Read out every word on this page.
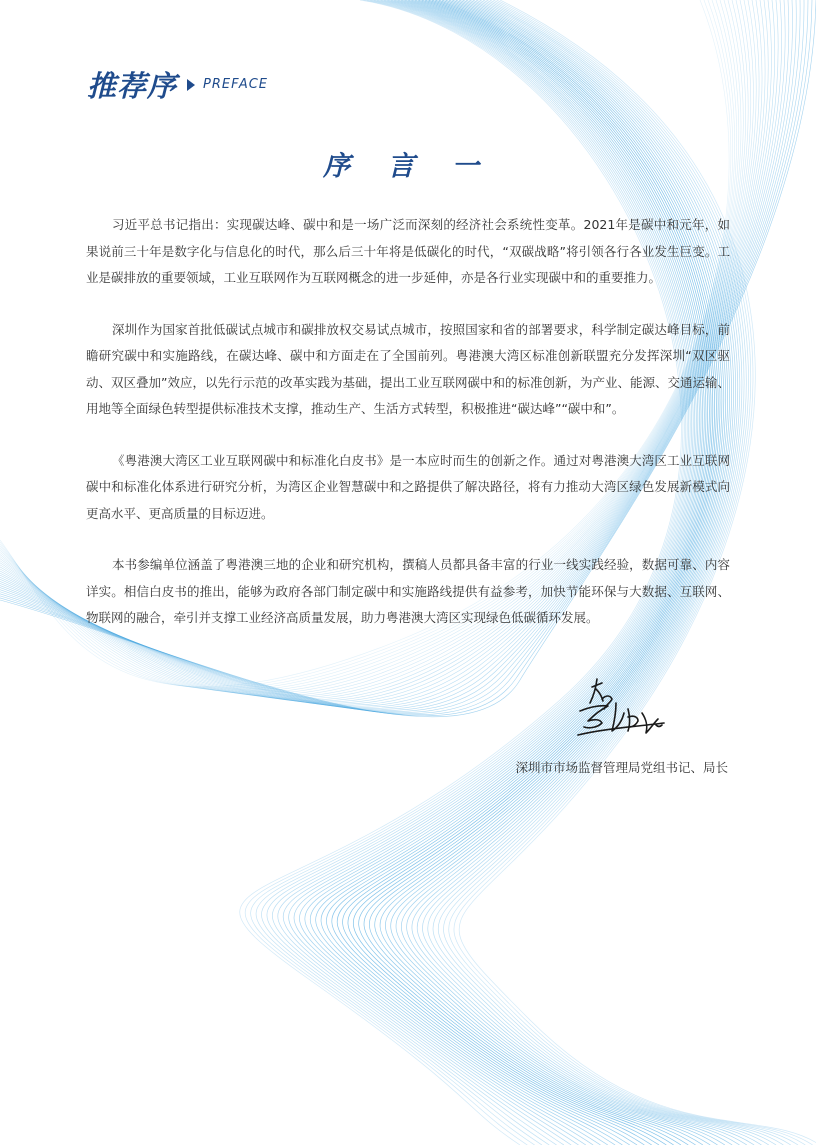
推荐序 PREFACE
序 言 一

习近平总书记指出：实现碳达峰、碳中和是一场广泛而深刻的经济社会系统性变革。2021年是碳中和元年，如果说前三十年是数字化与信息化的时代，那么后三十年将是低碳化的时代，“双碳战略”将引领各行各业发生巨变。工业是碳排放的重要领域，工业互联网作为互联网概念的进一步延伸，亦是各行业实现碳中和的重要推力。

深圳作为国家首批低碳试点城市和碳排放权交易试点城市，按照国家和省的部署要求，科学制定碳达峰目标，前瞻研究碳中和实施路线，在碳达峰、碳中和方面走在了全国前列。粤港澳大湾区标准创新联盟充分发挥深圳“双区驱动、双区叠加”效应，以先行示范的改革实践为基础，提出工业互联网碳中和的标准创新，为产业、能源、交通运输、用地等全面绿色转型提供标准技术支撑，推动生产、生活方式转型，积极推进“碳达峰”“碳中和”。

《粤港澳大湾区工业互联网碳中和标准化白皮书》是一本应时而生的创新之作。通过对粤港澳大湾区工业互联网碳中和标准化体系进行研究分析，为湾区企业智慧碳中和之路提供了解决路径，将有力推动大湾区绿色发展新模式向更高水平、更高质量的目标迈进。

本书参编单位涵盖了粤港澳三地的企业和研究机构，撰稿人员都具备丰富的行业一线实践经验，数据可靠、内容详实。相信白皮书的推出，能够为政府各部门制定碳中和实施路线提供有益参考，加快节能环保与大数据、互联网、物联网的融合，牵引并支撑工业经济高质量发展，助力粤港澳大湾区实现绿色低碳循环发展。

深圳市市场监督管理局党组书记、局长
